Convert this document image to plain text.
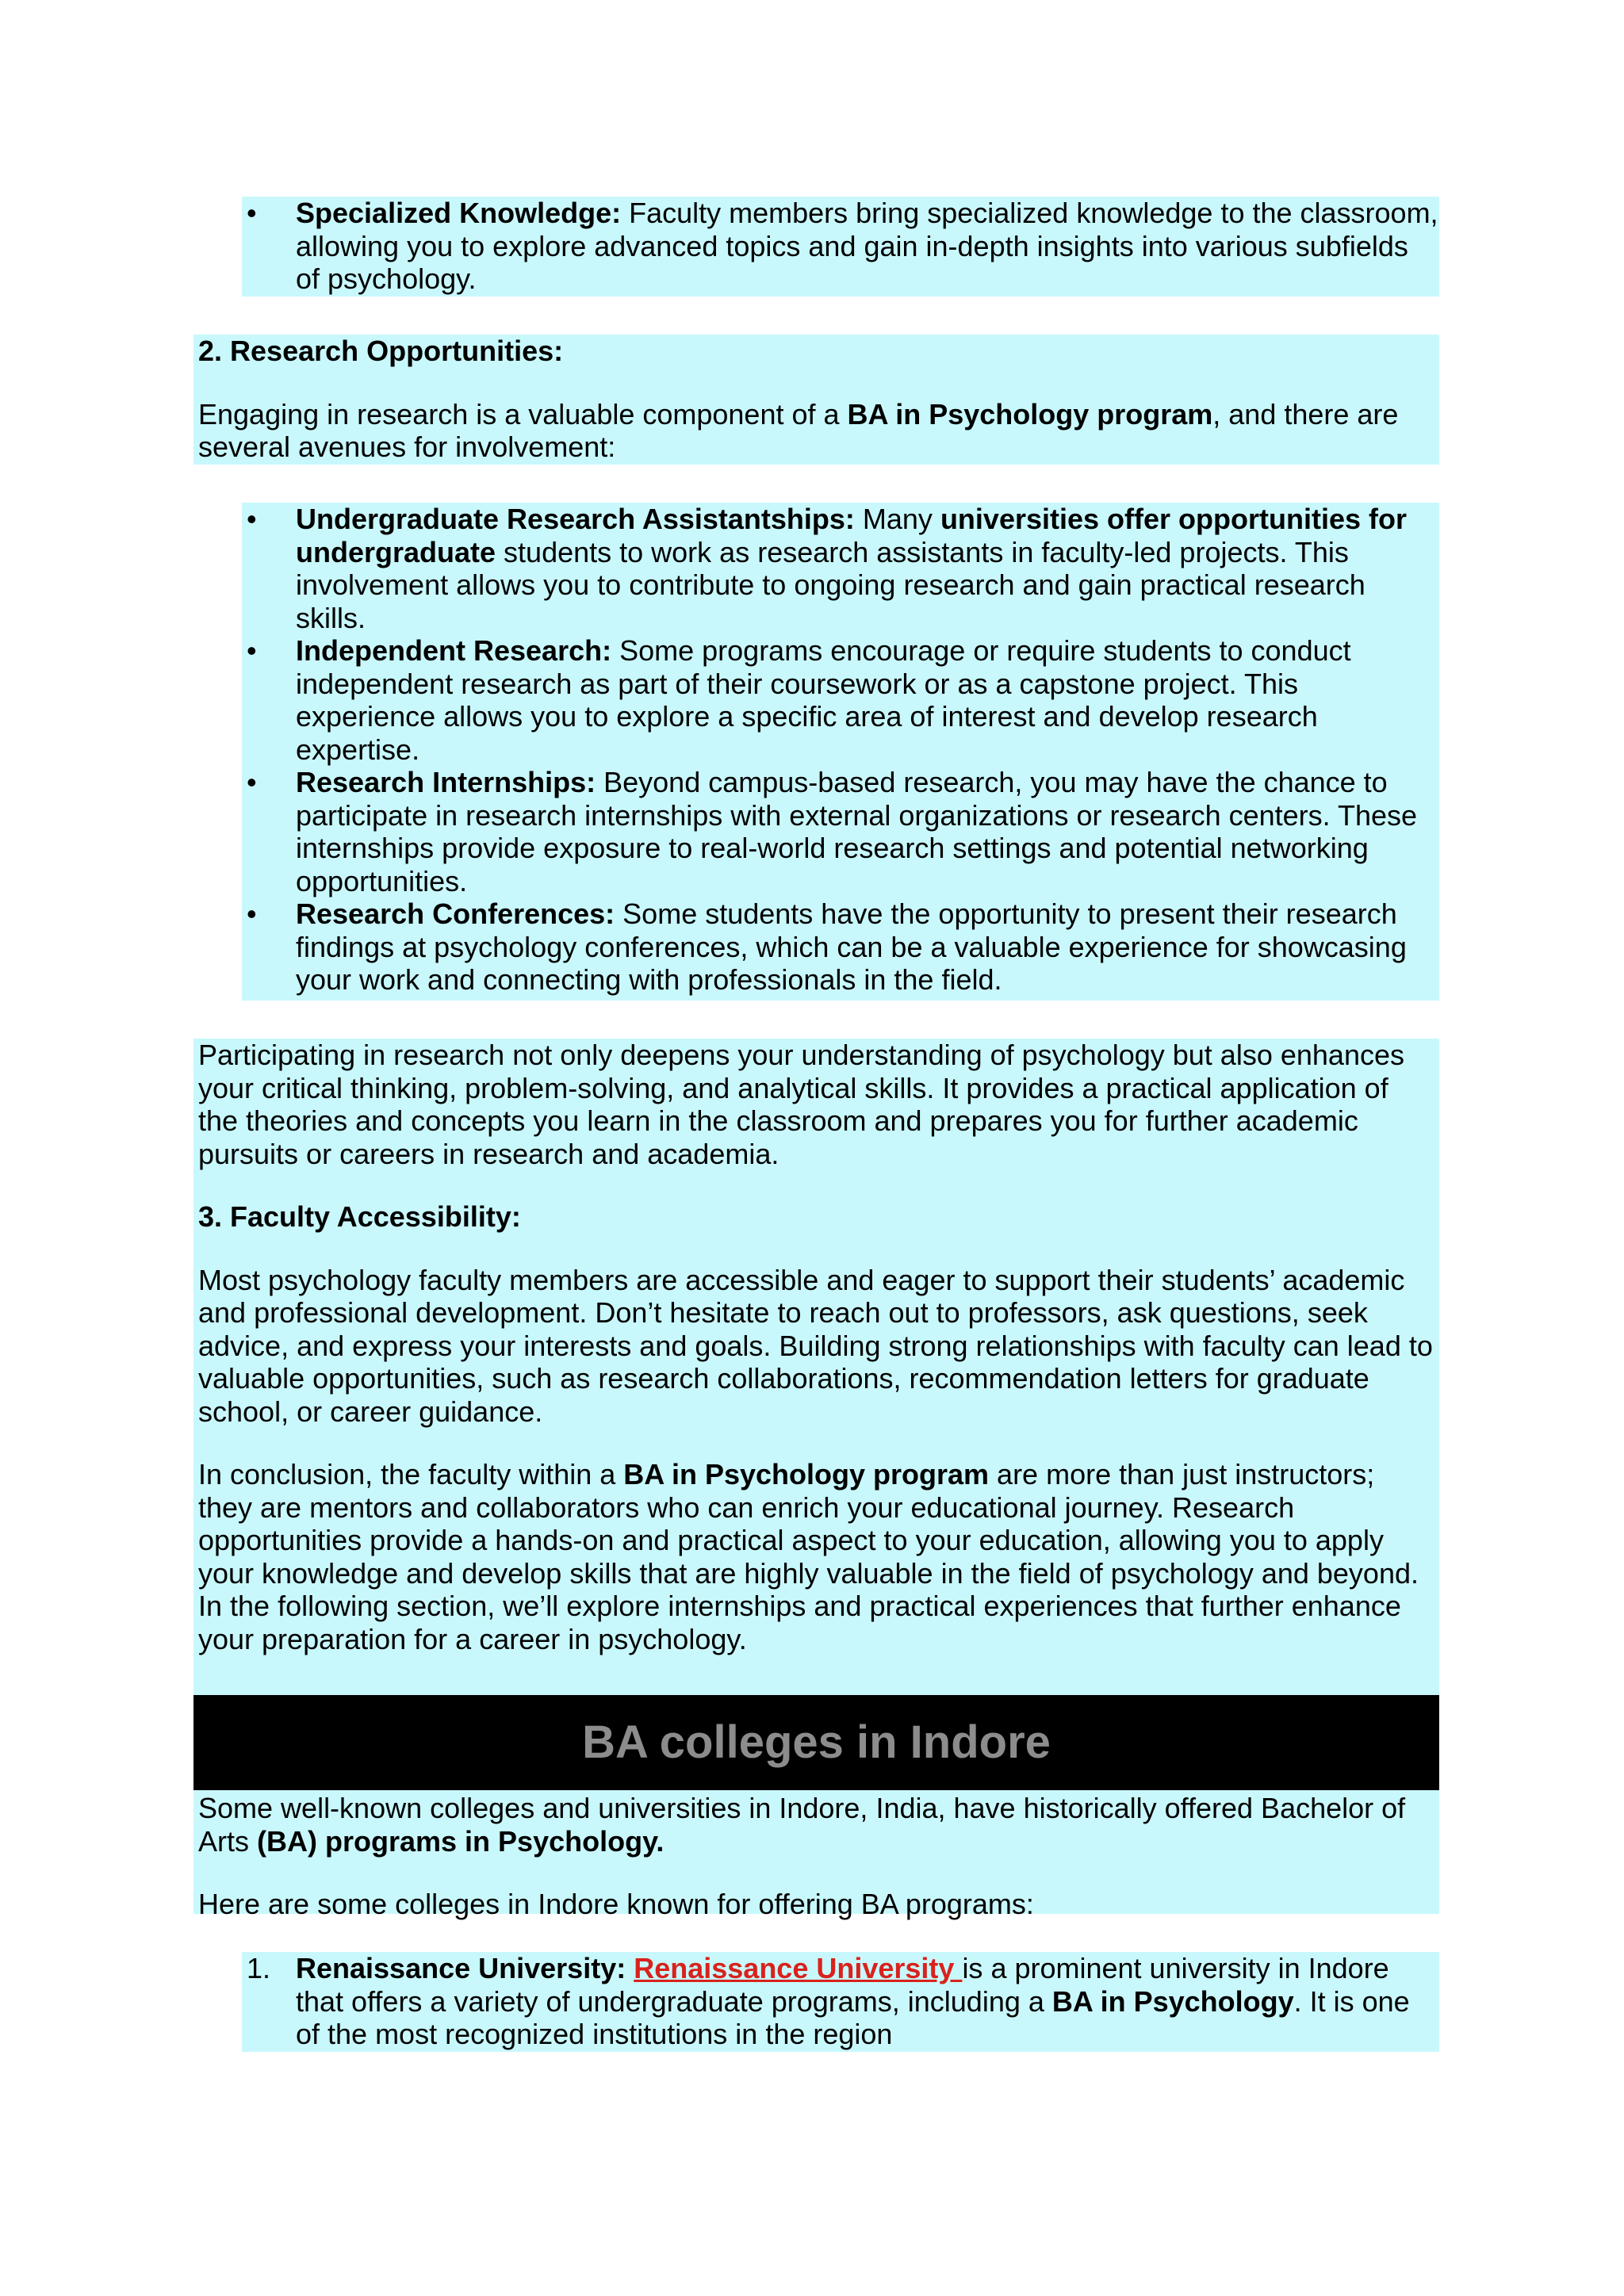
•	Specialized Knowledge: Faculty members bring specialized knowledge to the classroom, allowing you to explore advanced topics and gain in-depth insights into various subfields of psychology.

2. Research Opportunities:

Engaging in research is a valuable component of a BA in Psychology program, and there are several avenues for involvement:

•	Undergraduate Research Assistantships: Many universities offer opportunities for undergraduate students to work as research assistants in faculty-led projects. This involvement allows you to contribute to ongoing research and gain practical research skills.
•	Independent Research: Some programs encourage or require students to conduct independent research as part of their coursework or as a capstone project. This experience allows you to explore a specific area of interest and develop research expertise.
•	Research Internships: Beyond campus-based research, you may have the chance to participate in research internships with external organizations or research centers. These internships provide exposure to real-world research settings and potential networking opportunities.
•	Research Conferences: Some students have the opportunity to present their research findings at psychology conferences, which can be a valuable experience for showcasing your work and connecting with professionals in the field.

Participating in research not only deepens your understanding of psychology but also enhances your critical thinking, problem-solving, and analytical skills. It provides a practical application of the theories and concepts you learn in the classroom and prepares you for further academic pursuits or careers in research and academia.

3. Faculty Accessibility:

Most psychology faculty members are accessible and eager to support their students’ academic and professional development. Don’t hesitate to reach out to professors, ask questions, seek advice, and express your interests and goals. Building strong relationships with faculty can lead to valuable opportunities, such as research collaborations, recommendation letters for graduate school, or career guidance.

In conclusion, the faculty within a BA in Psychology program are more than just instructors; they are mentors and collaborators who can enrich your educational journey. Research opportunities provide a hands-on and practical aspect to your education, allowing you to apply your knowledge and develop skills that are highly valuable in the field of psychology and beyond. In the following section, we’ll explore internships and practical experiences that further enhance your preparation for a career in psychology.

BA colleges in Indore

Some well-known colleges and universities in Indore, India, have historically offered Bachelor of Arts (BA) programs in Psychology.

Here are some colleges in Indore known for offering BA programs:

1. Renaissance University: Renaissance University is a prominent university in Indore that offers a variety of undergraduate programs, including a BA in Psychology. It is one of the most recognized institutions in the region
